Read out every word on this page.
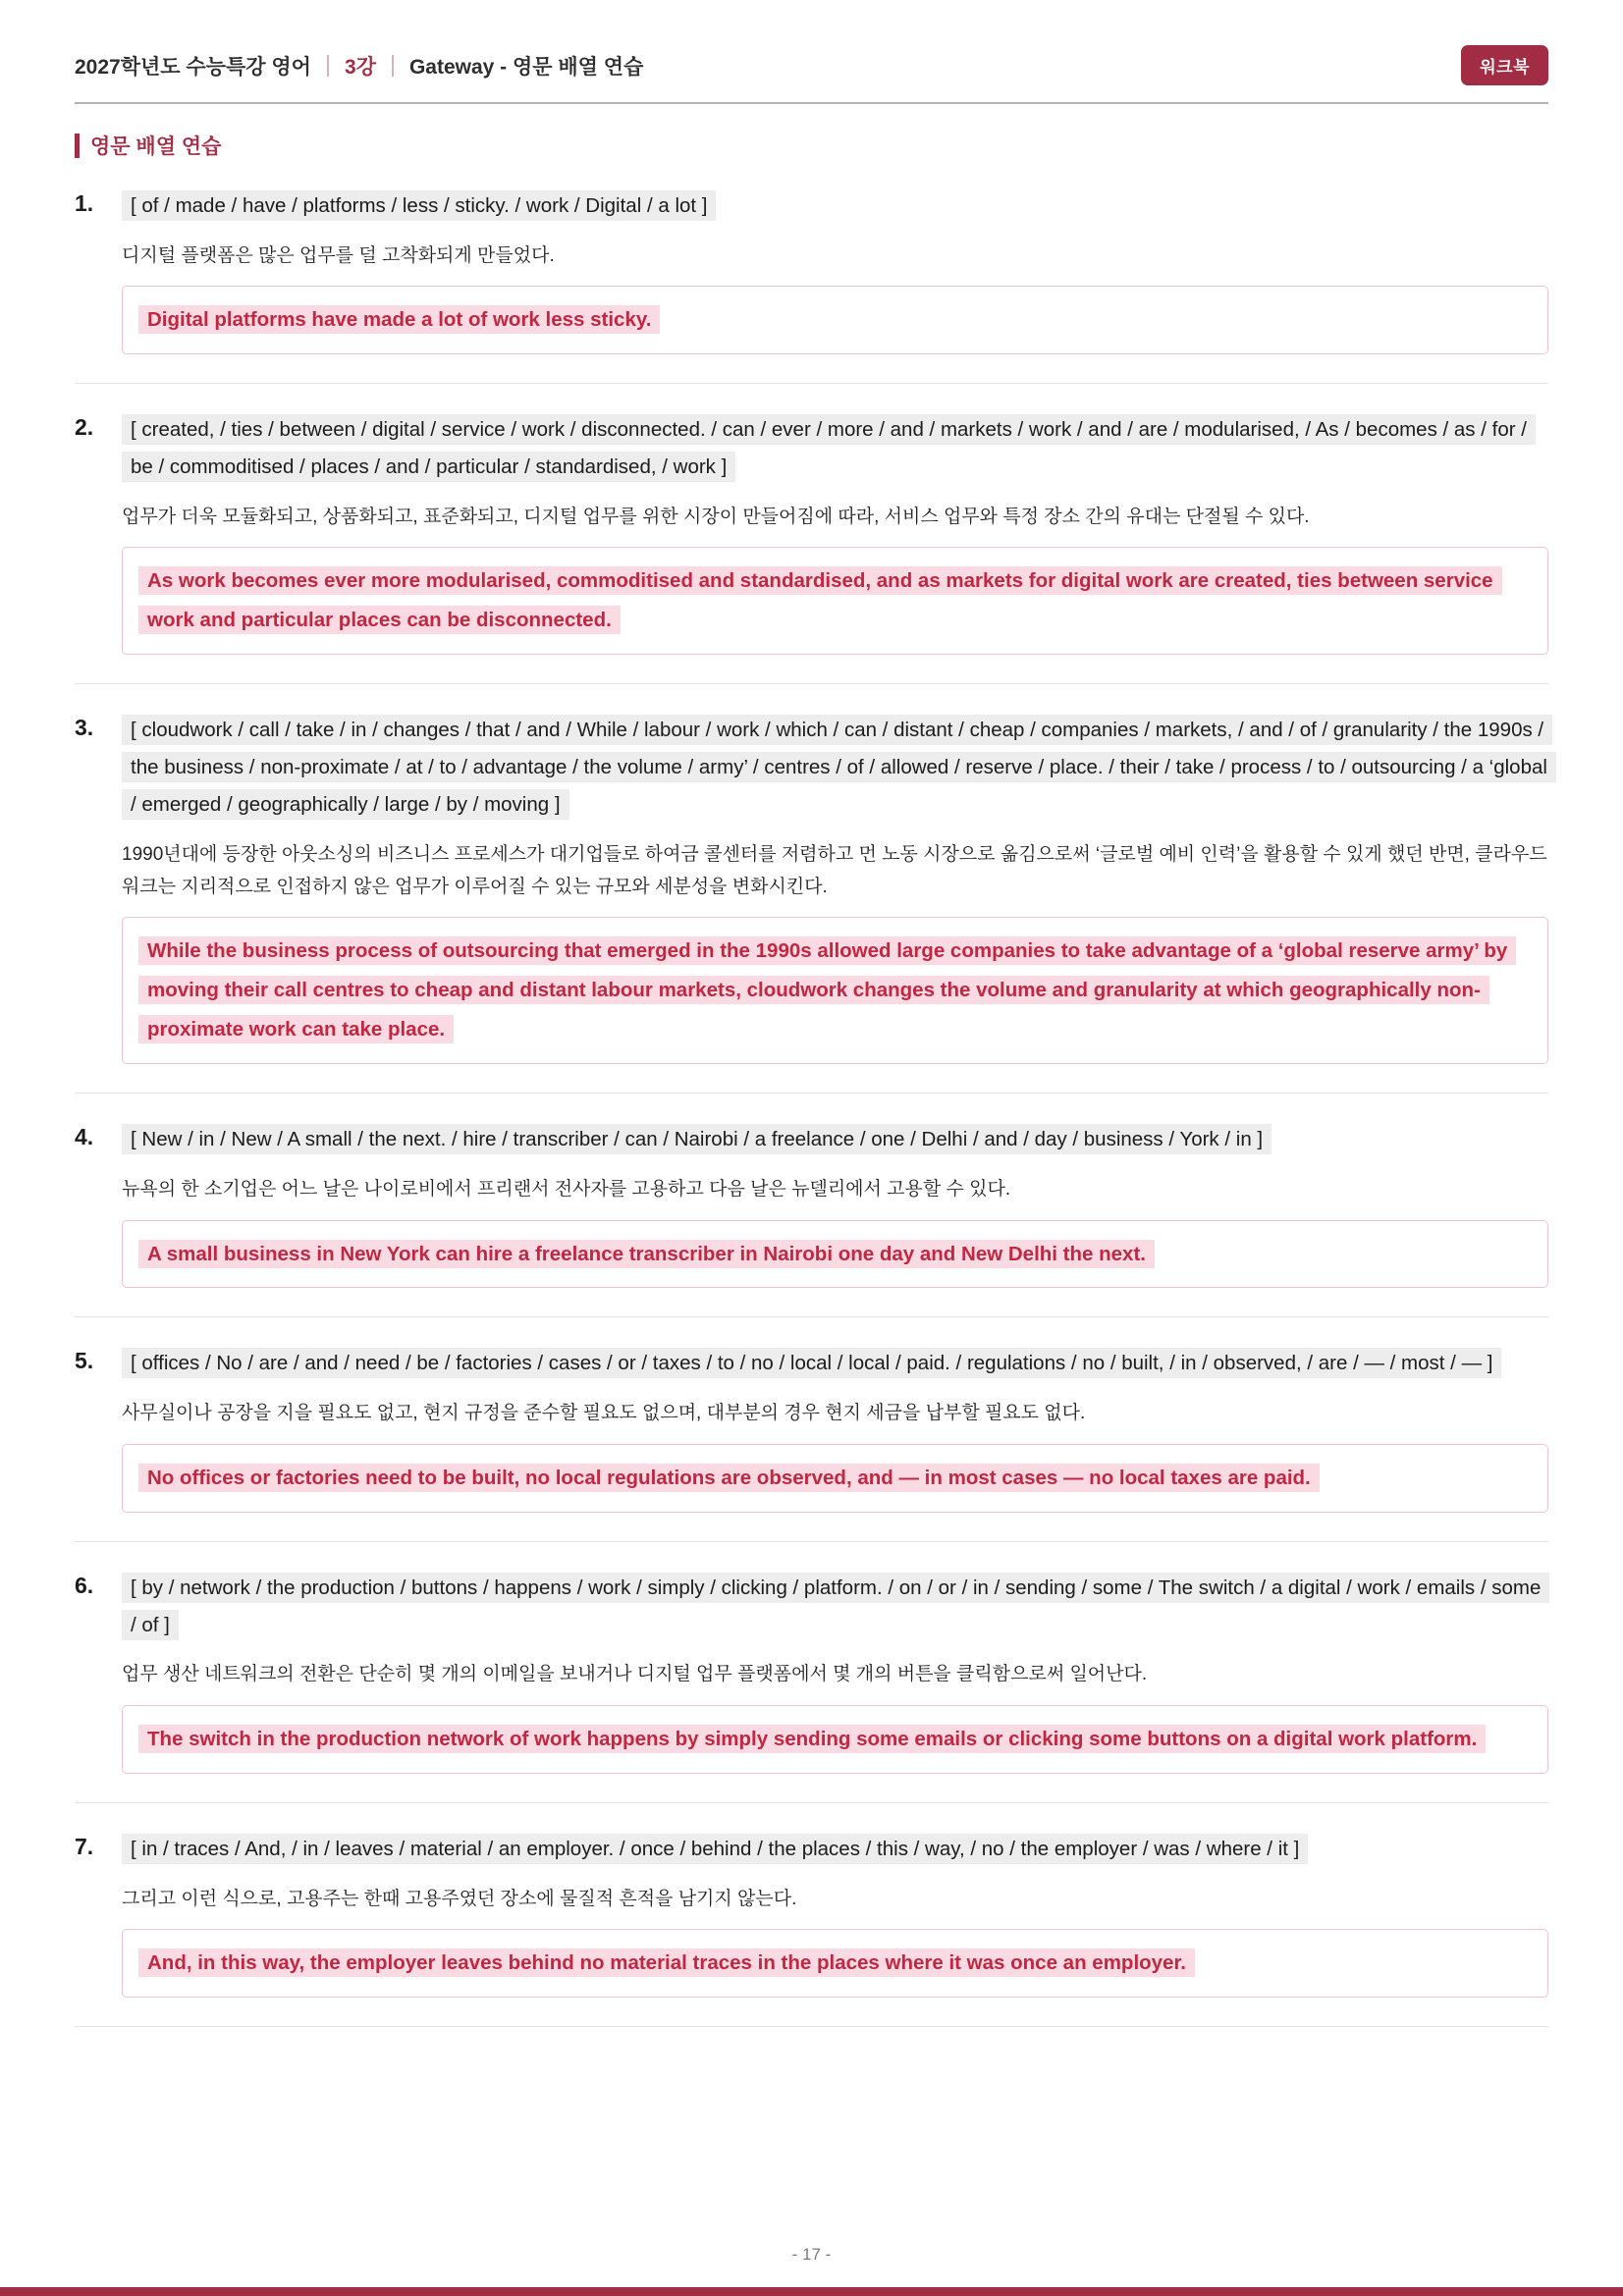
2027학년도 수능특강 영어 3강 Gateway - 영문 배열 연습	워크북
영문 배열 연습
1.	[ of / made / have / platforms / less / sticky. / work / Digital / a lot ]

디지털 플랫폼은 많은 업무를 덜 고착화되게 만들었다.

Digital platforms have made a lot of work less sticky.
2.	[ created, / ties / between / digital / service / work / disconnected. / can / ever / more / and / markets / work / and / are / modularised, / As / becomes / as / for / be / commoditised / places / and / particular / standardised, / work ]

업무가 더욱 모듈화되고, 상품화되고, 표준화되고, 디지털 업무를 위한 시장이 만들어짐에 따라, 서비스 업무와 특정 장소 간의 유대는 단절될 수 있다.

As work becomes ever more modularised, commoditised and standardised, and as markets for digital work are created, ties between service work and particular places can be disconnected.
3.	[ cloudwork / call / take / in / changes / that / and / While / labour / work / which / can / distant / cheap / companies / markets, / and / of / granularity / the 1990s / the business / non-proximate / at / to / advantage / the volume / army’ / centres / of / allowed / reserve / place. / their / take / process / to / outsourcing / a ‘global / emerged / geographically / large / by / moving ]

1990년대에 등장한 아웃소싱의 비즈니스 프로세스가 대기업들로 하여금 콜센터를 저렴하고 먼 노동 시장으로 옮김으로써 ‘글로벌 예비 인력’을 활용할 수 있게 했던 반면, 클라우드워크는 지리적으로 인접하지 않은 업무가 이루어질 수 있는 규모와 세분성을 변화시킨다.

While the business process of outsourcing that emerged in the 1990s allowed large companies to take advantage of a ‘global reserve army’ by moving their call centres to cheap and distant labour markets, cloudwork changes the volume and granularity at which geographically non-proximate work can take place.
4.	[ New / in / New / A small / the next. / hire / transcriber / can / Nairobi / a freelance / one / Delhi / and / day / business / York / in ]

뉴욕의 한 소기업은 어느 날은 나이로비에서 프리랜서 전사자를 고용하고 다음 날은 뉴델리에서 고용할 수 있다.

A small business in New York can hire a freelance transcriber in Nairobi one day and New Delhi the next.
5.	[ offices / No / are / and / need / be / factories / cases / or / taxes / to / no / local / local / paid. / regulations / no / built, / in / observed, / are / — / most / — ]

사무실이나 공장을 지을 필요도 없고, 현지 규정을 준수할 필요도 없으며, 대부분의 경우 현지 세금을 납부할 필요도 없다.

No offices or factories need to be built, no local regulations are observed, and — in most cases — no local taxes are paid.
6.	[ by / network / the production / buttons / happens / work / simply / clicking / platform. / on / or / in / sending / some / The switch / a digital / work / emails / some / of ]

업무 생산 네트워크의 전환은 단순히 몇 개의 이메일을 보내거나 디지털 업무 플랫폼에서 몇 개의 버튼을 클릭함으로써 일어난다.

The switch in the production network of work happens by simply sending some emails or clicking some buttons on a digital work platform.
7.	[ in / traces / And, / in / leaves / material / an employer. / once / behind / the places / this / way, / no / the employer / was / where / it ]

그리고 이런 식으로, 고용주는 한때 고용주였던 장소에 물질적 흔적을 남기지 않는다.

And, in this way, the employer leaves behind no material traces in the places where it was once an employer.
- 17 -
